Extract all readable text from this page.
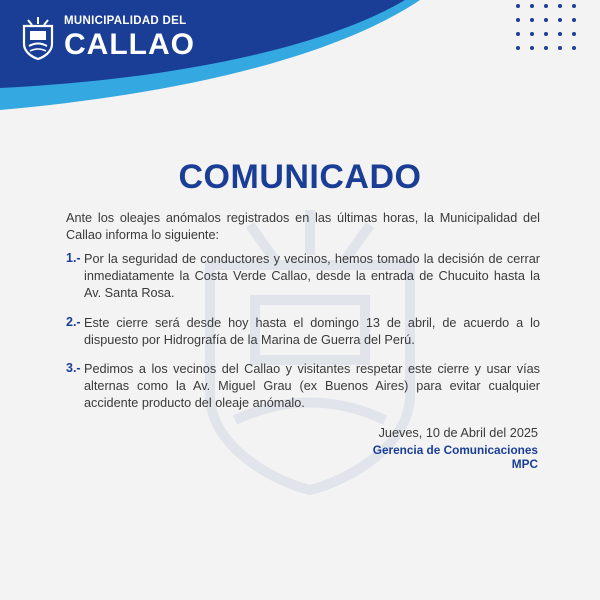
MUNICIPALIDAD DEL
CALLAO
COMUNICADO
Ante los oleajes anómalos registrados en las últimas horas, la Municipalidad del Callao informa lo siguiente:
1.- Por la seguridad de conductores y vecinos, hemos tomado la decisión de cerrar inmediatamente la Costa Verde Callao, desde la entrada de Chucuito hasta la Av. Santa Rosa.
2.- Este cierre será desde hoy hasta el domingo 13 de abril, de acuerdo a lo dispuesto por Hidrografía de la Marina de Guerra del Perú.
3.- Pedimos a los vecinos del Callao y visitantes respetar este cierre y usar vías alternas como la Av. Miguel Grau (ex Buenos Aires) para evitar cualquier accidente producto del oleaje anómalo.
Jueves, 10 de Abril del 2025
Gerencia de Comunicaciones
MPC
